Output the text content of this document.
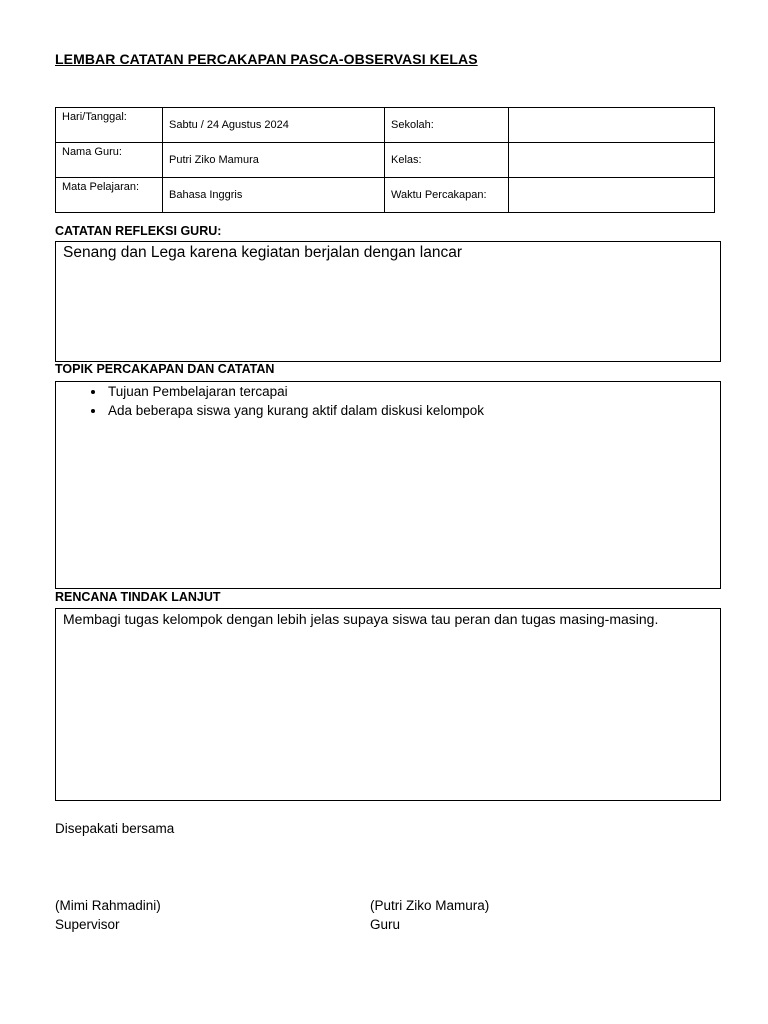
LEMBAR CATATAN PERCAKAPAN PASCA-OBSERVASI KELAS
Hari/Tanggal:	Sabtu / 24 Agustus 2024	Sekolah:	
Nama Guru:	Putri Ziko Mamura	Kelas:	
Mata Pelajaran:	Bahasa Inggris	Waktu Percakapan:	
CATATAN REFLEKSI GURU:
Senang dan Lega karena kegiatan berjalan dengan lancar
TOPIK PERCAKAPAN DAN CATATAN
• Tujuan Pembelajaran tercapai
• Ada beberapa siswa yang kurang aktif dalam diskusi kelompok
RENCANA TINDAK LANJUT
Membagi tugas kelompok dengan lebih jelas supaya siswa tau peran dan tugas masing-masing.
Disepakati bersama
(Mimi Rahmadini)
Supervisor
(Putri Ziko Mamura)
Guru
